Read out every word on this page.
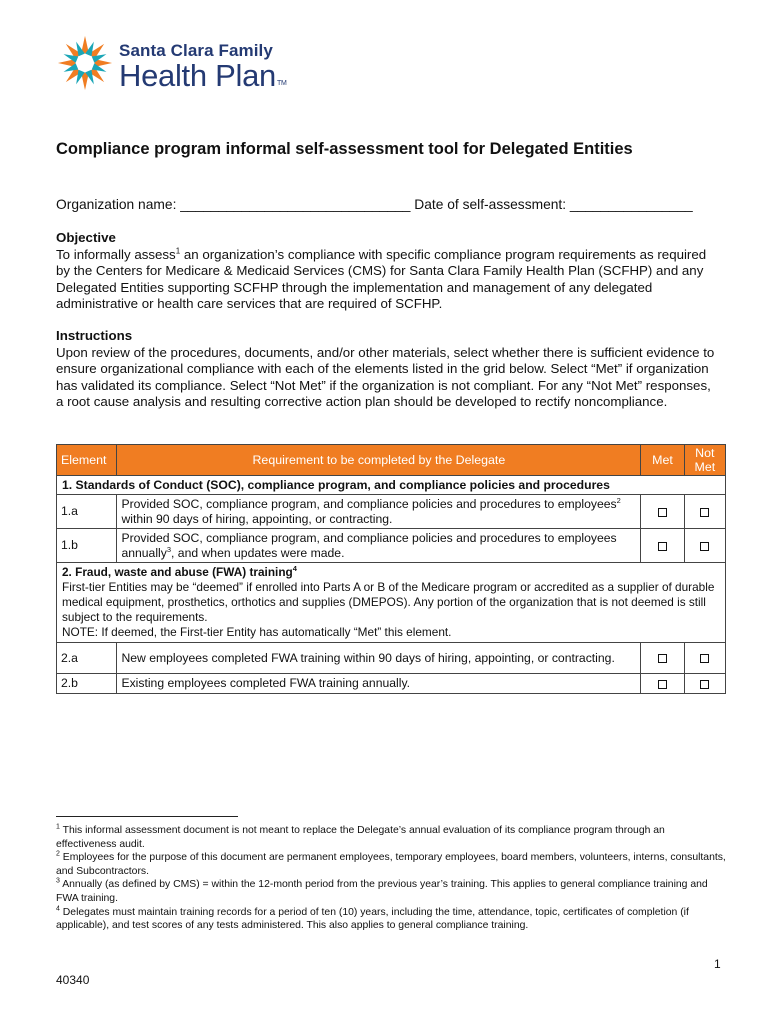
Santa Clara Family
Health Plan™
Compliance program informal self-assessment tool for Delegated Entities
Organization name: ______________________________ Date of self-assessment: ________________
Objective
To informally assess$^1$ an organization’s compliance with specific compliance program requirements as required by the Centers for Medicare & Medicaid Services (CMS) for Santa Clara Family Health Plan (SCFHP) and any Delegated Entities supporting SCFHP through the implementation and management of any delegated administrative or health care services that are required of SCFHP.
Instructions
Upon review of the procedures, documents, and/or other materials, select whether there is sufficient evidence to ensure organizational compliance with each of the elements listed in the grid below. Select “Met” if organization has validated its compliance. Select “Not Met” if the organization is not compliant. For any “Not Met” responses, a root cause analysis and resulting corrective action plan should be developed to rectify noncompliance.
Element	Requirement to be completed by the Delegate	Met	Not
Met
1. Standards of Conduct (SOC), compliance program, and compliance policies and procedures			
1.a	Provided SOC, compliance program, and compliance policies and procedures to employees$^2$ within 90 days of hiring, appointing, or contracting.		
1.b	Provided SOC, compliance program, and compliance policies and procedures to employees annually$^3$, and when updates were made.		

2. Fraud, waste and abuse (FWA) training$^4$
First-tier Entities may be “deemed” if enrolled into Parts A or B of the Medicare program or accredited as a supplier of durable medical equipment, prosthetics, orthotics and supplies (DMEPOS). Any portion of the organization that is not deemed is still subject to the requirements.
NOTE: If deemed, the First-tier Entity has automatically “Met” this element.			

2.a	New employees completed FWA training within 90 days of hiring, appointing, or contracting.		
2.b	Existing employees completed FWA training annually.		
$^1$ This informal assessment document is not meant to replace the Delegate’s annual evaluation of its compliance program through an effectiveness audit.
$^2$ Employees for the purpose of this document are permanent employees, temporary employees, board members, volunteers, interns, consultants, and Subcontractors.
$^3$ Annually (as defined by CMS) = within the 12-month period from the previous year’s training. This applies to general compliance training and FWA training.
$^4$ Delegates must maintain training records for a period of ten (10) years, including the time, attendance, topic, certificates of completion (if applicable), and test scores of any tests administered. This also applies to general compliance training.
1
40340
